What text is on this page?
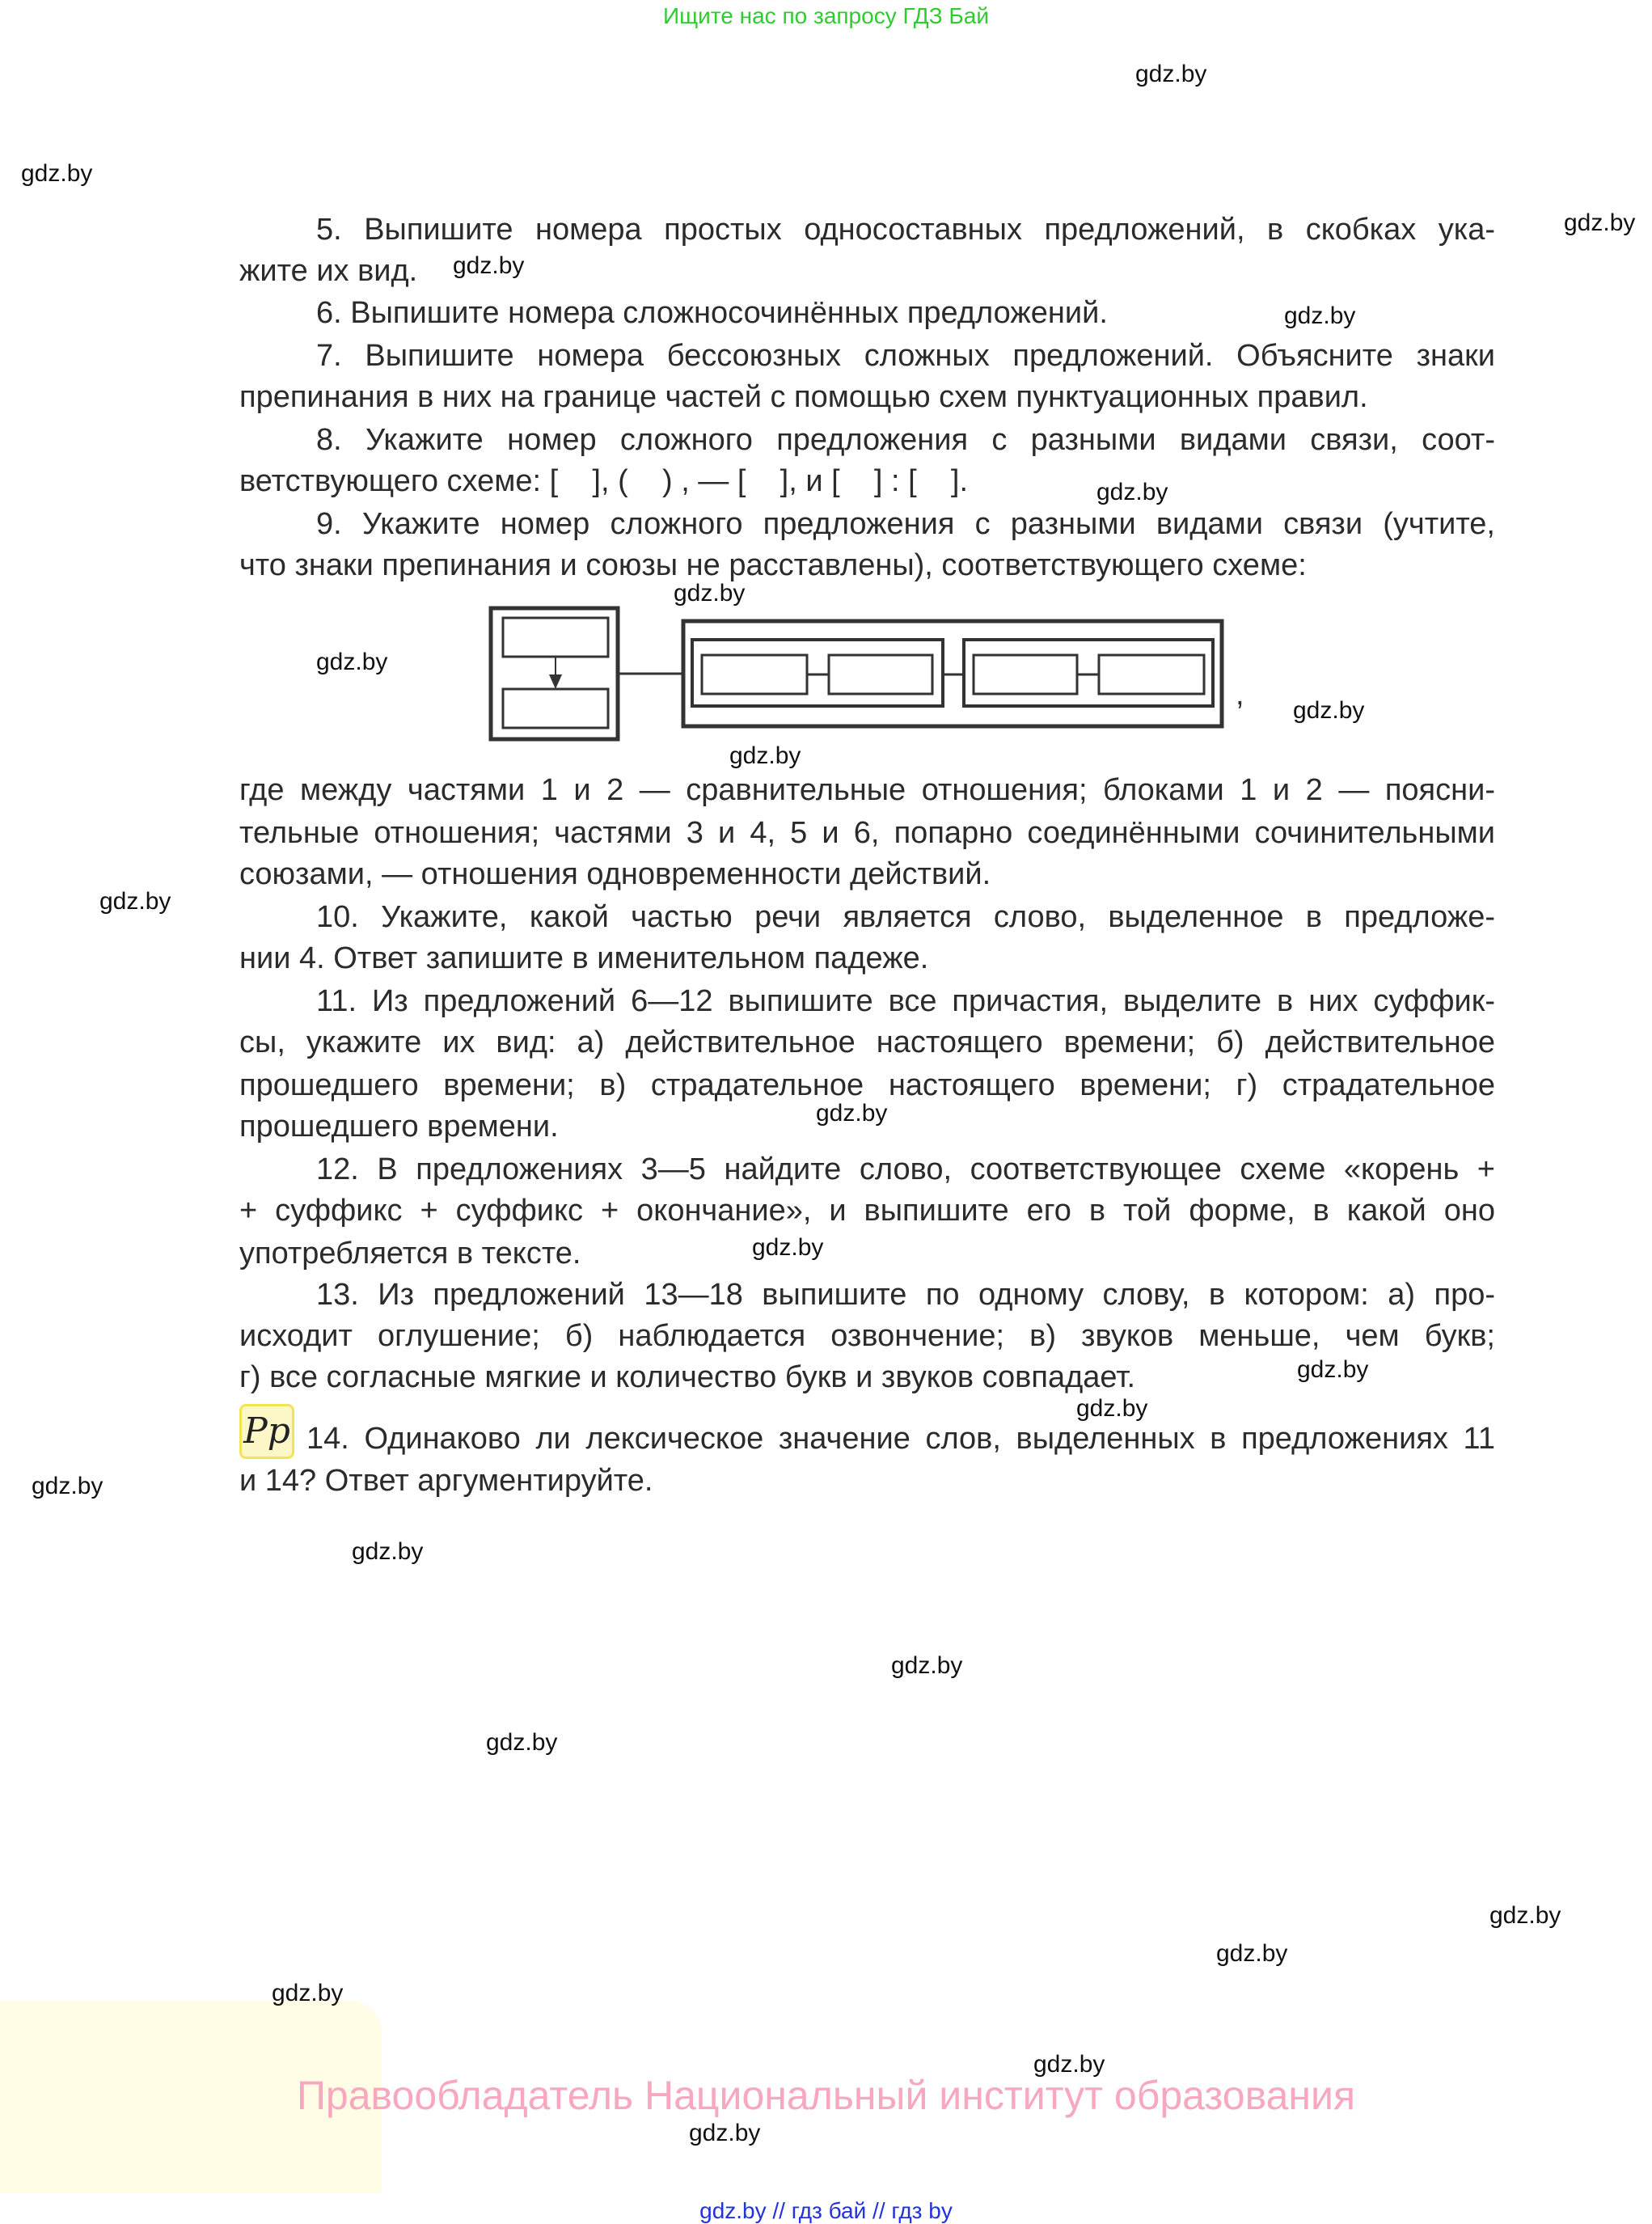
Ищите нас по запросу ГДЗ Бай
5. Выпишите номера простых односоставных предложений, в скобках ука-
жите их вид.
6. Выпишите номера сложносочинённых предложений.
7. Выпишите номера бессоюзных сложных предложений. Объясните знаки
препинания в них на границе частей с помощью схем пунктуационных правил.
8. Укажите номер сложного предложения с разными видами связи, соот-
ветствующего схеме: [    ], (    ) , — [    ], и [    ] : [    ].
9. Укажите номер сложного предложения с разными видами связи (учтите,
что знаки препинания и союзы не расставлены), соответствующего схеме:
где между частями 1 и 2 — сравнительные отношения; блоками 1 и 2 — поясни-
тельные отношения; частями 3 и 4, 5 и 6, попарно соединёнными сочинительными
союзами, — отношения одновременности действий.
10. Укажите, какой частью речи является слово, выделенное в предложе-
нии 4. Ответ запишите в именительном падеже.
11. Из предложений 6—12 выпишите все причастия, выделите в них суффик-
сы, укажите их вид: а) действительное настоящего времени; б) действительное
прошедшего времени; в) страдательное настоящего времени; г) страдательное
прошедшего времени.
12. В предложениях 3—5 найдите слово, соответствующее схеме «корень +
+ суффикс + суффикс + окончание», и выпишите его в той форме, в какой оно
употребляется в тексте.
13. Из предложений 13—18 выпишите по одному слову, в котором: а) про-
исходит оглушение; б) наблюдается озвончение; в) звуков меньше, чем букв;
г) все согласные мягкие и количество букв и звуков совпадает.
14. Одинаково ли лексическое значение слов, выделенных в предложениях 11
и 14? Ответ аргументируйте.
,
Pp
gdz.by
gdz.by
gdz.by
gdz.by
gdz.by
gdz.by
gdz.by
gdz.by
gdz.by
gdz.by
gdz.by
gdz.by
gdz.by
gdz.by
gdz.by
gdz.by
gdz.by
gdz.by
gdz.by
gdz.by
gdz.by
gdz.by
gdz.by
gdz.by
Правообладатель Национальный институт образования
gdz.by // гдз бай // гдз by
